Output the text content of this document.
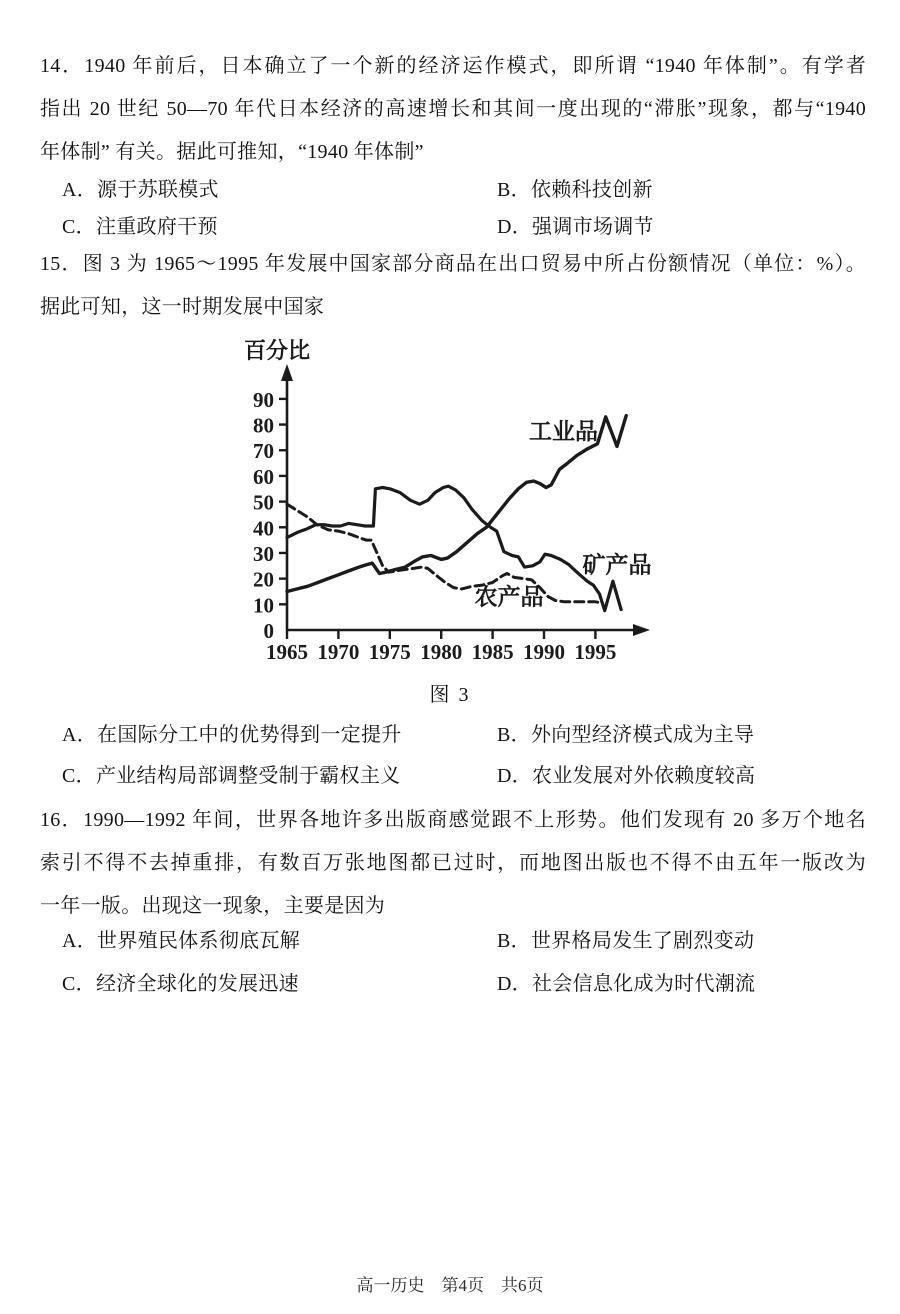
14．1940 年前后，日本确立了一个新的经济运作模式，即所谓 “1940 年体制”。有学者
指出 20 世纪 50—70 年代日本经济的高速增长和其间一度出现的“滞胀”现象，都与“1940
年体制” 有关。据此可推知，“1940 年体制”
A．源于苏联模式	B．依赖科技创新
C．注重政府干预	D．强调市场调节
15．图 3 为 1965～1995 年发展中国家部分商品在出口贸易中所占份额情况（单位：%）。
据此可知，这一时期发展中国家
0
10
20
30
40
50
60
70
80
90
1965 1970 1975 1980 1985 1990 1995
百分比
农产品
矿产品
工业品
图 3
A．在国际分工中的优势得到一定提升	B．外向型经济模式成为主导
C．产业结构局部调整受制于霸权主义	D．农业发展对外依赖度较高
16．1990—1992 年间，世界各地许多出版商感觉跟不上形势。他们发现有 20 多万个地名
索引不得不去掉重排，有数百万张地图都已过时，而地图出版也不得不由五年一版改为
一年一版。出现这一现象，主要是因为
A．世界殖民体系彻底瓦解	B．世界格局发生了剧烈变动
C．经济全球化的发展迅速	D．社会信息化成为时代潮流
高一历史　第4页　共6页
